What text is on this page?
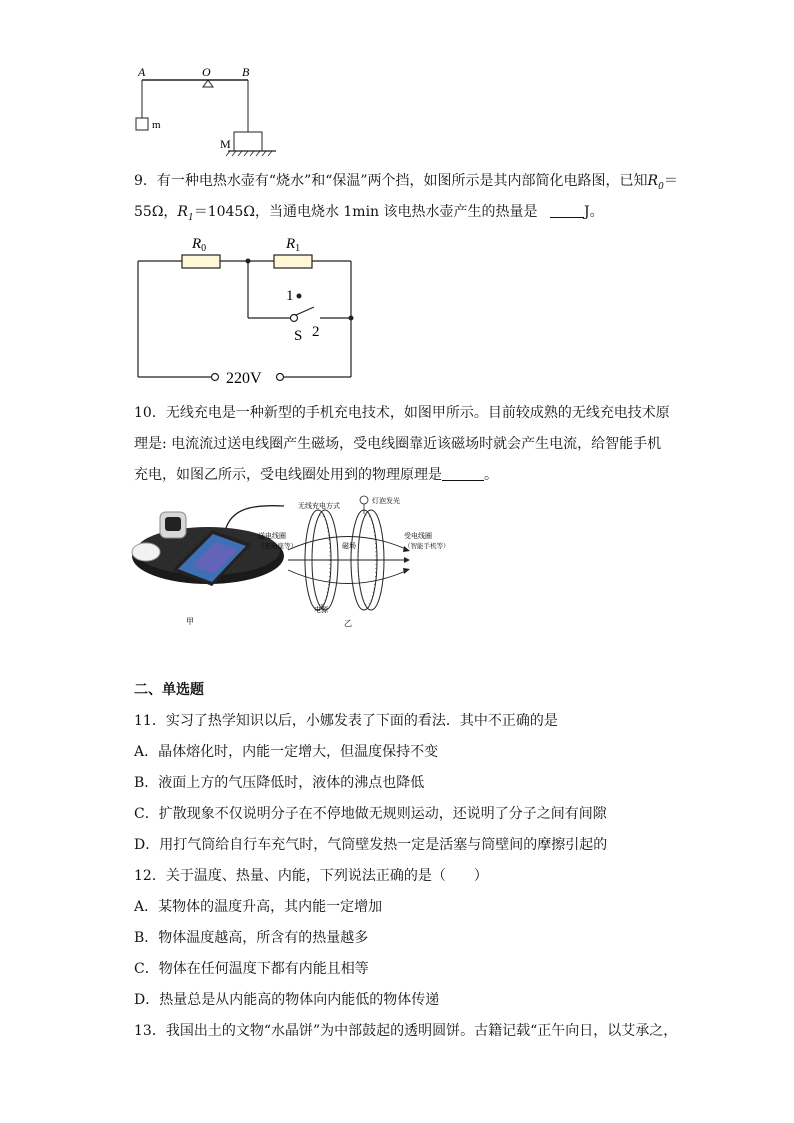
A	O	B
m
M
9．有一种电热水壶有“烧水”和“保温”两个挡，如图所示是其内部简化电路图，已知$R_0=$
55Ω，$R_1=1045\Omega$，当通电烧水 1min 该电热水壶产生的热量是	J。
$R_0$	$R_1$
1
S 2
220V
10．无线充电是一种新型的手机充电技术，如图甲所示。目前较成熟的无线充电技术原
理是: 电流流过送电线圈产生磁场，受电线圈靠近该磁场时就会产生电流，给智能手机
充电，如图乙所示，受电线圈处用到的物理原理是	。
甲
无线充电方式
灯泡发光
送电线圈
（充电座等）	磁场
受电线圈
（智能手机等）
电源
乙
二、单选题
11．实习了热学知识以后，小娜发表了下面的看法．其中不正确的是
A．晶体熔化时，内能一定增大，但温度保持不变
B．液面上方的气压降低时，液体的沸点也降低
C．扩散现象不仅说明分子在不停地做无规则运动，还说明了分子之间有间隙
D．用打气筒给自行车充气时，气筒壁发热一定是活塞与筒壁间的摩擦引起的
12．关于温度、热量、内能，下列说法正确的是（　　）
A．某物体的温度升高，其内能一定增加
B．物体温度越高，所含有的热量越多
C．物体在任何温度下都有内能且相等
D．热量总是从内能高的物体向内能低的物体传递
13．我国出土的文物“水晶饼”为中部鼓起的透明圆饼。古籍记载“正午向日，以艾承之，
